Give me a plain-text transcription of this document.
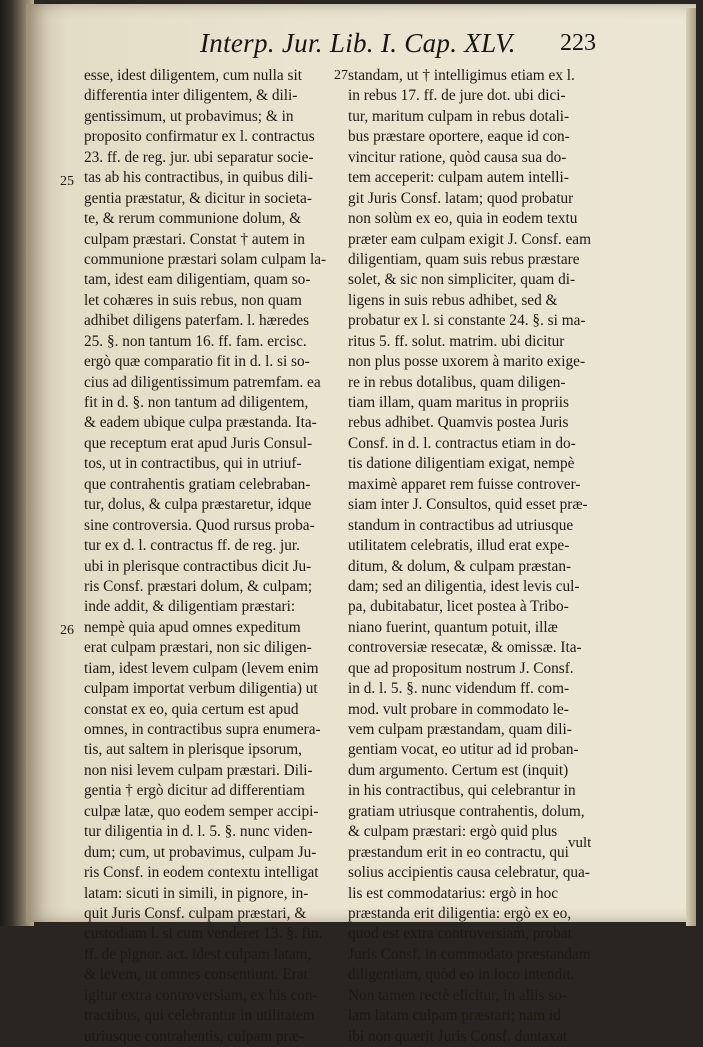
Interp. Jur. Lib. I. Cap. XLV. 223
25
26
27
esse, idest diligentem, cum nulla sit
differentia inter diligentem, & dili-
gentissimum, ut probavimus; & in
proposito confirmatur ex l. contractus
23. ff. de reg. jur. ubi separatur socie-
tas ab his contractibus, in quibus dili-
gentia præstatur, & dicitur in societa-
te, & rerum communione dolum, &
culpam præstari. Constat † autem in
communione præstari solam culpam la-
tam, idest eam diligentiam, quam so-
let cohæres in suis rebus, non quam
adhibet diligens paterfam. l. hæredes
25. §. non tantum 16. ff. fam. ercisc.
ergò quæ comparatio fit in d. l. si so-
cius ad diligentissimum patremfam. ea
fit in d. §. non tantum ad diligentem,
& eadem ubique culpa præstanda. Ita-
que receptum erat apud Juris Consul-
tos, ut in contractibus, qui in utriuf-
que contrahentis gratiam celebraban-
tur, dolus, & culpa præstaretur, idque
sine controversia. Quod rursus proba-
tur ex d. l. contractus ff. de reg. jur.
ubi in plerisque contractibus dicit Ju-
ris Consf. præstari dolum, & culpam;
inde addit, & diligentiam præstari:
nempè quia apud omnes expeditum
erat culpam præstari, non sic diligen-
tiam, idest levem culpam (levem enim
culpam importat verbum diligentia) ut
constat ex eo, quia certum est apud
omnes, in contractibus supra enumera-
tis, aut saltem in plerisque ipsorum,
non nisi levem culpam præstari. Dili-
gentia † ergò dicitur ad differentiam
culpæ latæ, quo eodem semper accipi-
tur diligentia in d. l. 5. §. nunc viden-
dum; cum, ut probavimus, culpam Ju-
ris Consf. in eodem contextu intelligat
latam: sicuti in simili, in pignore, in-
quit Juris Consf. culpam præstari, &
custodiam l. si cum venderet 13. §. fin.
ff. de pignor. act. idest culpam latam,
& levem, ut omnes consentiunt. Erat
igitur extra controversiam, ex his con-
tractibus, qui celebrantur in utilitatem
utriusque contrahentis, culpam præ-
standam, ut † intelligimus etiam ex l.
in rebus 17. ff. de jure dot. ubi dici-
tur, maritum culpam in rebus dotali-
bus præstare oportere, eaque id con-
vincitur ratione, quòd causa sua do-
tem acceperit: culpam autem intelli-
git Juris Consf. latam; quod probatur
non solùm ex eo, quia in eodem textu
præter eam culpam exigit J. Consf. eam
diligentiam, quam suis rebus præstare
solet, & sic non simpliciter, quam di-
ligens in suis rebus adhibet, sed &
probatur ex l. si constante 24. §. si ma-
ritus 5. ff. solut. matrim. ubi dicitur
non plus posse uxorem à marito exige-
re in rebus dotalibus, quam diligen-
tiam illam, quam maritus in propriis
rebus adhibet. Quamvis postea Juris
Consf. in d. l. contractus etiam in do-
tis datione diligentiam exigat, nempè
maximè apparet rem fuisse controver-
siam inter J. Consultos, quid esset præ-
standum in contractibus ad utriusque
utilitatem celebratis, illud erat expe-
ditum, & dolum, & culpam præstan-
dam; sed an diligentia, idest levis cul-
pa, dubitabatur, licet postea à Tribo-
niano fuerint, quantum potuit, illæ
controversiæ resecatæ, & omissæ. Ita-
que ad propositum nostrum J. Consf.
in d. l. 5. §. nunc videndum ff. com-
mod. vult probare in commodato le-
vem culpam præstandam, quam dili-
gentiam vocat, eo utitur ad id proban-
dum argumento. Certum est (inquit)
in his contractibus, qui celebrantur in
gratiam utriusque contrahentis, dolum,
& culpam præstari: ergò quid plus
præstandum erit in eo contractu, qui
solius accipientis causa celebratur, qua-
lis est commodatarius: ergò in hoc
præstanda erit diligentia: ergò ex eo,
quod est extra controversiam, probat
Juris Consf. in commodato præstandam
diligentiam, quòd eo in loco intendit.
Non tamen rectè elicitur, in aliis so-
lam latam culpam præstari; nam id
ibi non quærit Juris Consf. duntaxat
vult
